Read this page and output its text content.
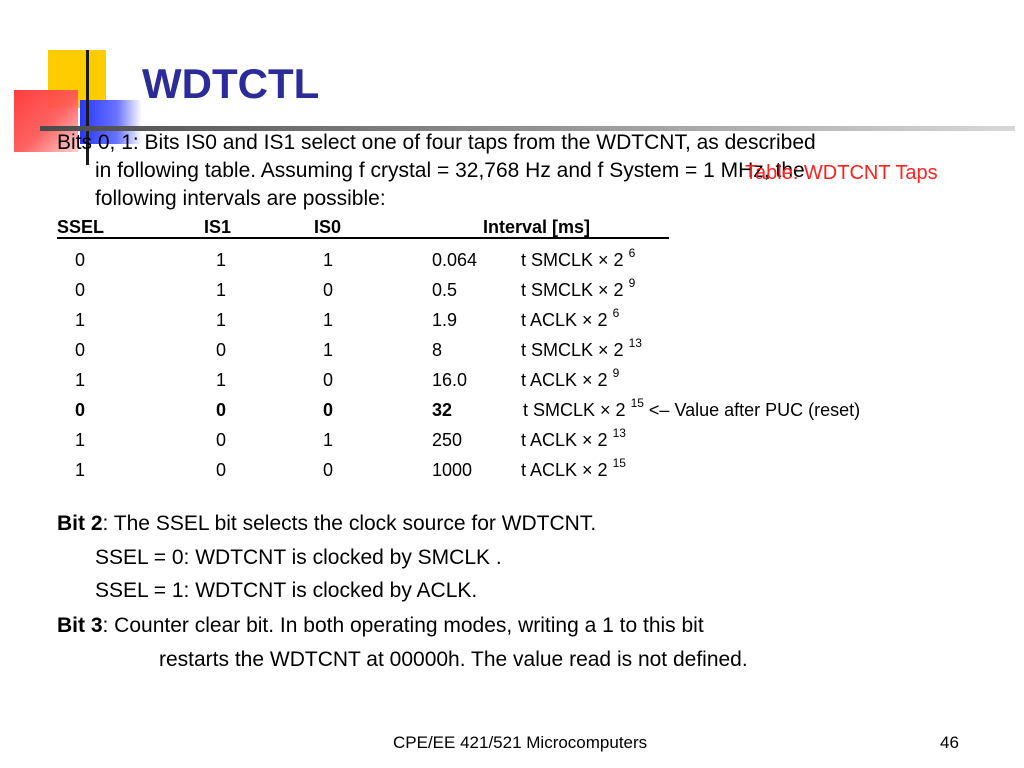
WDTCTL
Bits 0, 1: Bits IS0 and IS1 select one of four taps from the WDTCNT, as described
in following table. Assuming f crystal = 32,768 Hz and f System = 1 MHz, the
following intervals are possible:
Table: WDTCNT Taps
SSEL	IS1	IS0	Interval [ms]
0	1	1	0.064 t SMCLK × 2 $^6$
0	1	0	0.5	t SMCLK × 2 $^9$
1	1	1	1.9	t ACLK × 2 $^6$
0	0	1	8	t SMCLK × 2 $^{13}$
1	1	0	16.0	t ACLK × 2 $^9$
0	0	0	32	t SMCLK × 2 $^{15}$ <– Value after PUC (reset)
1	0	1	250	t ACLK × 2 $^{13}$
1	0	0	1000	t ACLK × 2 $^{15}$
Bit 2: The SSEL bit selects the clock source for WDTCNT.
SSEL = 0: WDTCNT is clocked by SMCLK .
SSEL = 1: WDTCNT is clocked by ACLK.
Bit 3: Counter clear bit. In both operating modes, writing a 1 to this bit
restarts the WDTCNT at 00000h. The value read is not defined.
CPE/EE 421/521 Microcomputers	46
